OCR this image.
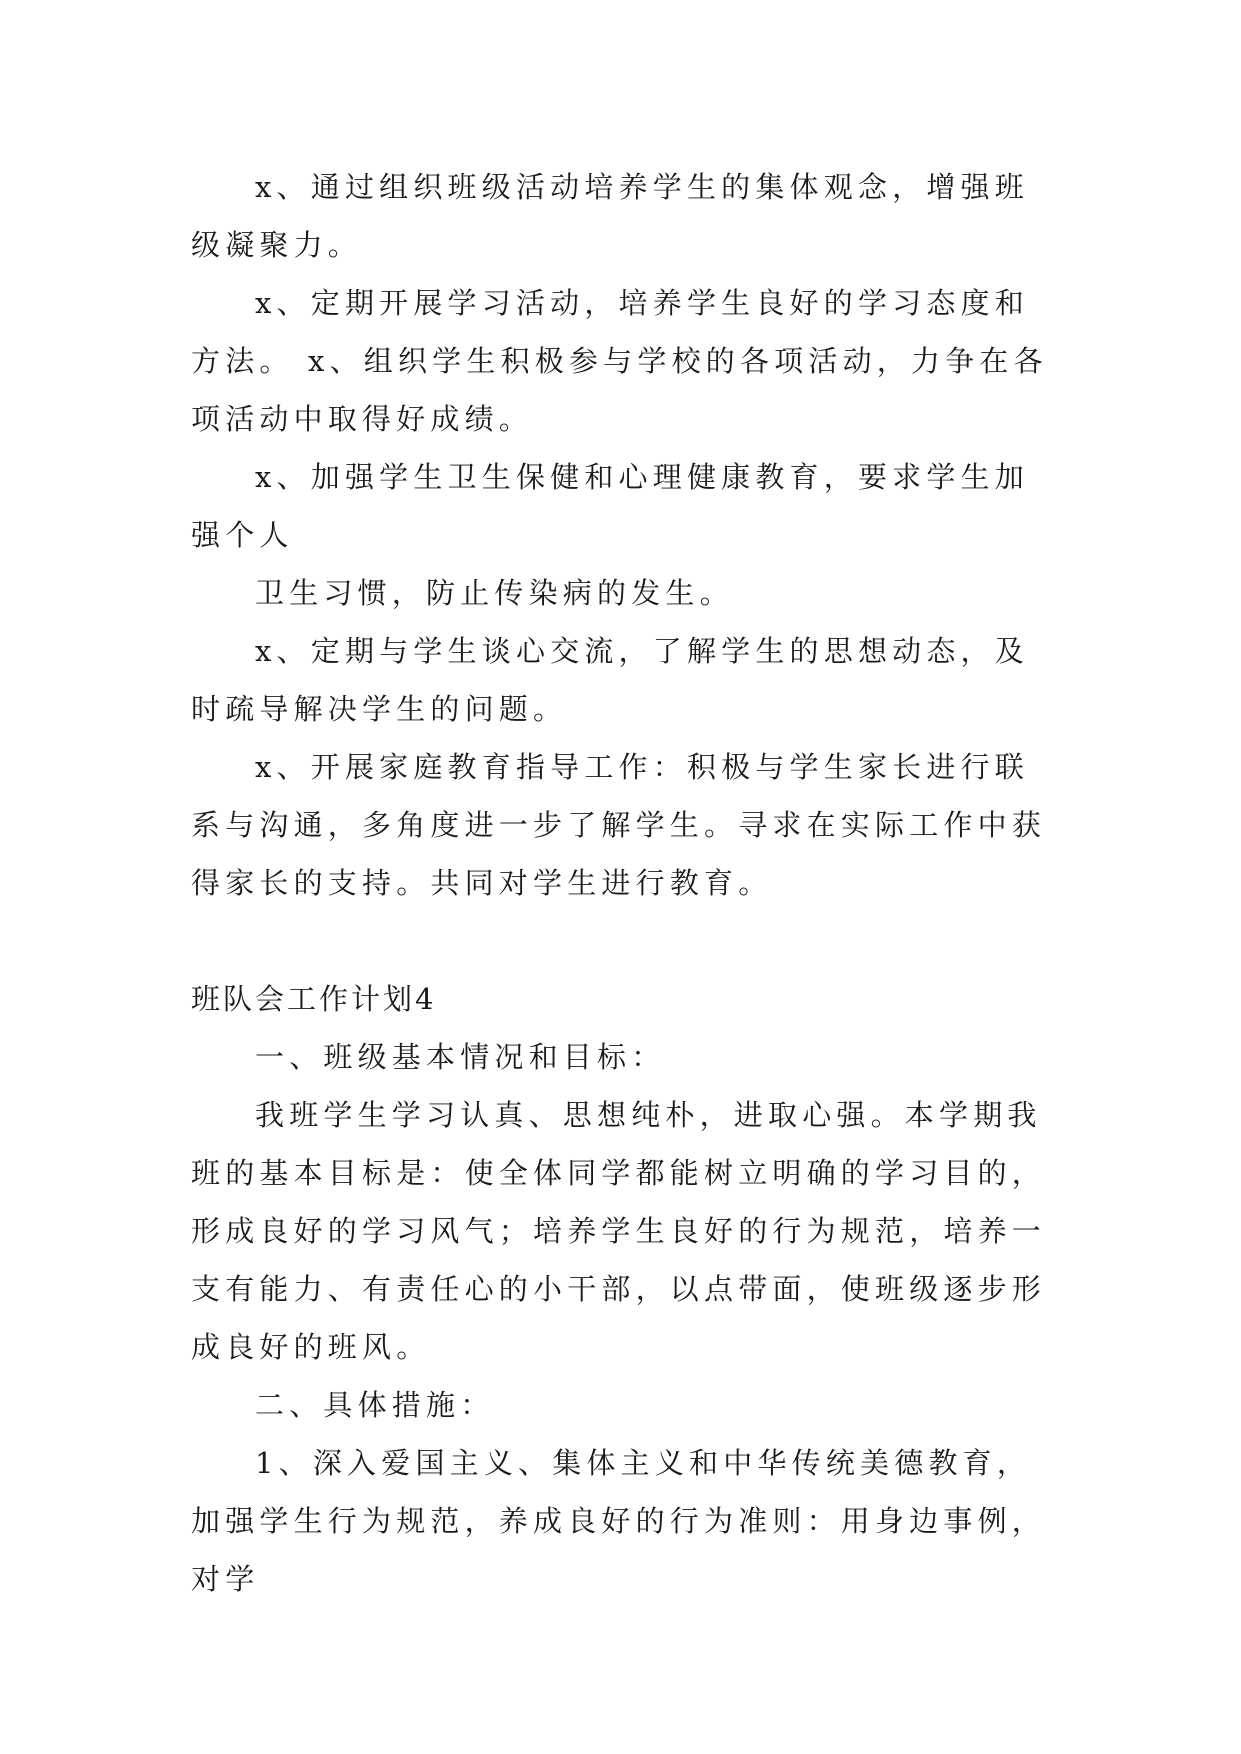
x、通过组织班级活动培养学生的集体观念，增强班级凝聚力。

x、定期开展学习活动，培养学生良好的学习态度和方法。 x、组织学生积极参与学校的各项活动，力争在各项活动中取得好成绩。

x、加强学生卫生保健和心理健康教育，要求学生加强个人

卫生习惯，防止传染病的发生。

x、定期与学生谈心交流，了解学生的思想动态，及时疏导解决学生的问题。

x、开展家庭教育指导工作：积极与学生家长进行联系与沟通，多角度进一步了解学生。寻求在实际工作中获得家长的支持。共同对学生进行教育。

班队会工作计划4

一、班级基本情况和目标：

我班学生学习认真、思想纯朴，进取心强。本学期我班的基本目标是：使全体同学都能树立明确的学习目的，形成良好的学习风气；培养学生良好的行为规范，培养一支有能力、有责任心的小干部，以点带面，使班级逐步形成良好的班风。

二、具体措施：

1、深入爱国主义、集体主义和中华传统美德教育，加强学生行为规范，养成良好的行为准则：用身边事例，对学
